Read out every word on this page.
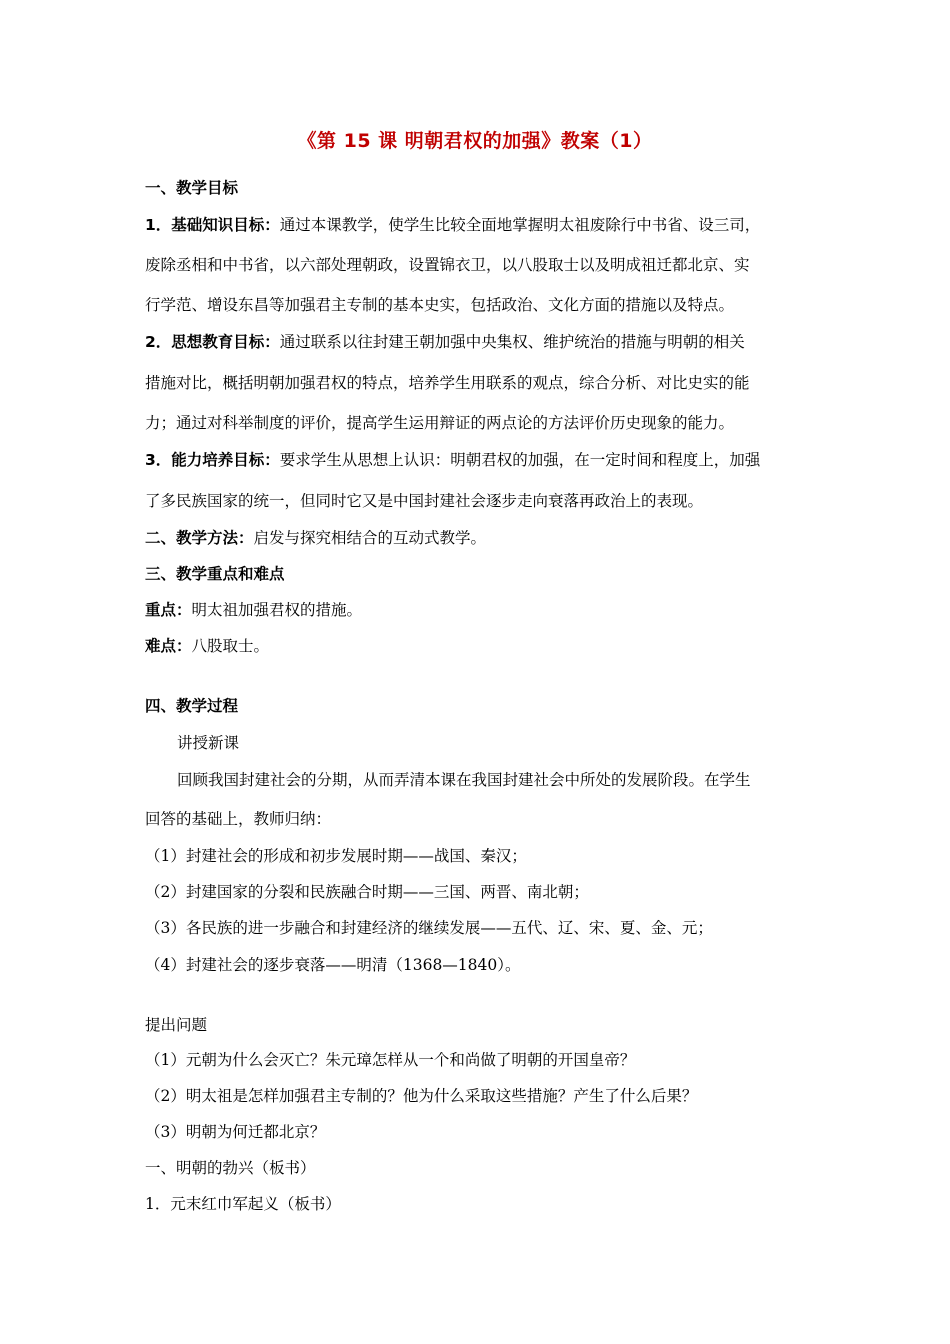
《第 15 课 明朝君权的加强》教案（1）
一、教学目标
1．基础知识目标：通过本课教学，使学生比较全面地掌握明太祖废除行中书省、设三司，
废除丞相和中书省，以六部处理朝政，设置锦衣卫，以八股取士以及明成祖迁都北京、实
行学范、增设东昌等加强君主专制的基本史实，包括政治、文化方面的措施以及特点。
2．思想教育目标：通过联系以往封建王朝加强中央集权、维护统治的措施与明朝的相关
措施对比，概括明朝加强君权的特点，培养学生用联系的观点，综合分析、对比史实的能
力；通过对科举制度的评价，提高学生运用辩证的两点论的方法评价历史现象的能力。
3．能力培养目标：要求学生从思想上认识：明朝君权的加强，在一定时间和程度上，加强
了多民族国家的统一，但同时它又是中国封建社会逐步走向衰落再政治上的表现。
二、教学方法：启发与探究相结合的互动式教学。
三、教学重点和难点
重点：明太祖加强君权的措施。
难点：八股取士。
四、教学过程
讲授新课
回顾我国封建社会的分期，从而弄清本课在我国封建社会中所处的发展阶段。在学生
回答的基础上，教师归纳：
（1）封建社会的形成和初步发展时期——战国、秦汉；
（2）封建国家的分裂和民族融合时期——三国、两晋、南北朝；
（3）各民族的进一步融合和封建经济的继续发展——五代、辽、宋、夏、金、元；
（4）封建社会的逐步衰落——明清（1368—1840）。
提出问题
（1）元朝为什么会灭亡？朱元璋怎样从一个和尚做了明朝的开国皇帝？
（2）明太祖是怎样加强君主专制的？他为什么采取这些措施？产生了什么后果？
（3）明朝为何迁都北京？
一、明朝的勃兴（板书）
1．元末红巾军起义（板书）
